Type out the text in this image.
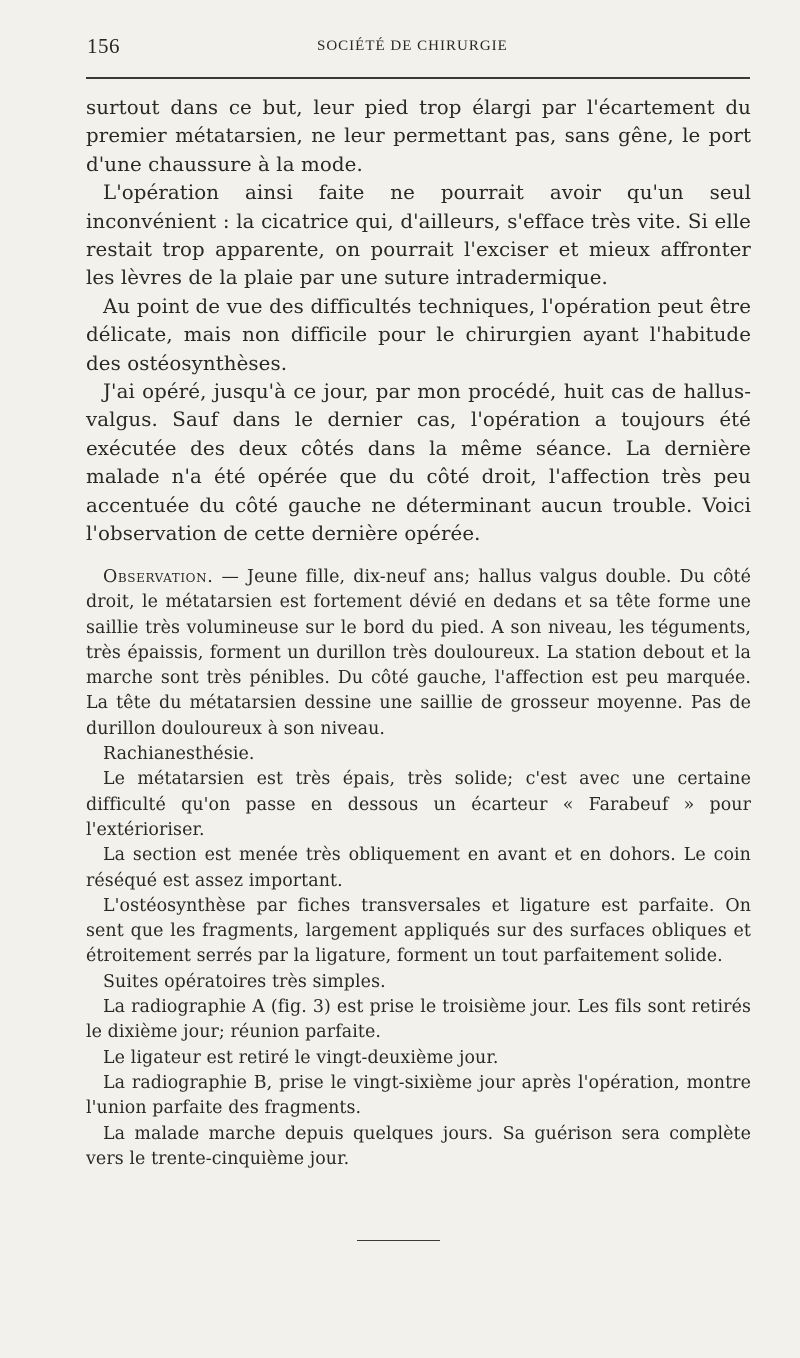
156	SOCIÉTÉ DE CHIRURGIE

surtout dans ce but, leur pied trop élargi par l'écartement du premier métatarsien, ne leur permettant pas, sans gêne, le port d'une chaussure à la mode.

L'opération ainsi faite ne pourrait avoir qu'un seul inconvénient : la cicatrice qui, d'ailleurs, s'efface très vite. Si elle restait trop apparente, on pourrait l'exciser et mieux affronter les lèvres de la plaie par une suture intradermique.

Au point de vue des difficultés techniques, l'opération peut être délicate, mais non difficile pour le chirurgien ayant l'habitude des ostéosynthèses.

J'ai opéré, jusqu'à ce jour, par mon procédé, huit cas de hallus-valgus. Sauf dans le dernier cas, l'opération a toujours été exécutée des deux côtés dans la même séance. La dernière malade n'a été opérée que du côté droit, l'affection très peu accentuée du côté gauche ne déterminant aucun trouble. Voici l'observation de cette dernière opérée.

Observation. — Jeune fille, dix-neuf ans; hallus valgus double. Du côté droit, le métatarsien est fortement dévié en dedans et sa tête forme une saillie très volumineuse sur le bord du pied. A son niveau, les téguments, très épaissis, forment un durillon très douloureux. La station debout et la marche sont très pénibles. Du côté gauche, l'affection est peu marquée. La tête du métatarsien dessine une saillie de grosseur moyenne. Pas de durillon douloureux à son niveau.

Rachianesthésie.

Le métatarsien est très épais, très solide; c'est avec une certaine difficulté qu'on passe en dessous un écarteur « Farabeuf » pour l'extérioriser.

La section est menée très obliquement en avant et en dohors. Le coin réséqué est assez important.

L'ostéosynthèse par fiches transversales et ligature est parfaite. On sent que les fragments, largement appliqués sur des surfaces obliques et étroitement serrés par la ligature, forment un tout parfaitement solide.

Suites opératoires très simples.

La radiographie A (fig. 3) est prise le troisième jour. Les fils sont retirés le dixième jour; réunion parfaite.

Le ligateur est retiré le vingt-deuxième jour.

La radiographie B, prise le vingt-sixième jour après l'opération, montre l'union parfaite des fragments.

La malade marche depuis quelques jours. Sa guérison sera complète vers le trente-cinquième jour.
